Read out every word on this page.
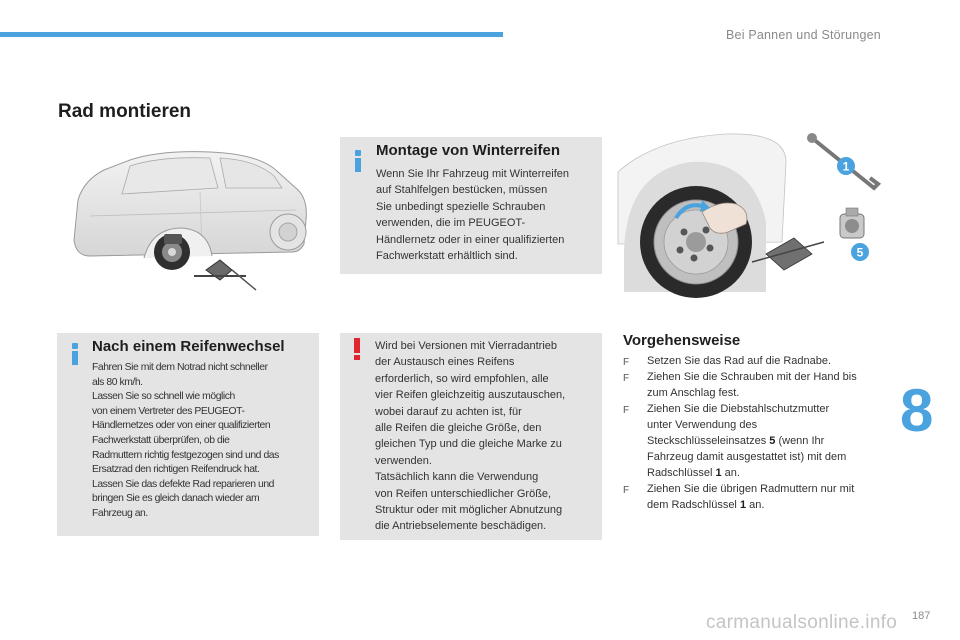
Bei Pannen und Störungen
Rad montieren
1
5
Montage von Winterreifen

Wenn Sie Ihr Fahrzeug mit Winterreifen

auf Stahlfelgen bestücken, müssen

Sie unbedingt spezielle Schrauben

verwenden, die im PEUGEOT-

Händlernetz oder in einer qualifizierten

Fachwerkstatt erhältlich sind.

Nach einem Reifenwechsel

Fahren Sie mit dem Notrad nicht schneller

als 80 km/h.

Lassen Sie so schnell wie möglich

von einem Vertreter des PEUGEOT-

Händlernetzes oder von einer qualifizierten

Fachwerkstatt überprüfen, ob die

Radmuttern richtig festgezogen sind und das

Ersatzrad den richtigen Reifendruck hat.

Lassen Sie das defekte Rad reparieren und

bringen Sie es gleich danach wieder am

Fahrzeug an.

Wird bei Versionen mit Vierradantrieb

der Austausch eines Reifens

erforderlich, so wird empfohlen, alle

vier Reifen gleichzeitig auszutauschen,

wobei darauf zu achten ist, für

alle Reifen die gleiche Größe, den

gleichen Typ und die gleiche Marke zu

verwenden.

Tatsächlich kann die Verwendung

von Reifen unterschiedlicher Größe,

Struktur oder mit möglicher Abnutzung

die Antriebselemente beschädigen.

Vorgehensweise
F Setzen Sie das Rad auf die Radnabe.
F Ziehen Sie die Schrauben mit der Hand bis
zum Anschlag fest.
F Ziehen Sie die Diebstahlschutzmutter
unter Verwendung des
Steckschlüsseleinsatzes 5 (wenn Ihr
Fahrzeug damit ausgestattet ist) mit dem
Radschlüssel 1 an.
F Ziehen Sie die übrigen Radmuttern nur mit
dem Radschlüssel 1 an.
8
carmanualsonline.info 187
